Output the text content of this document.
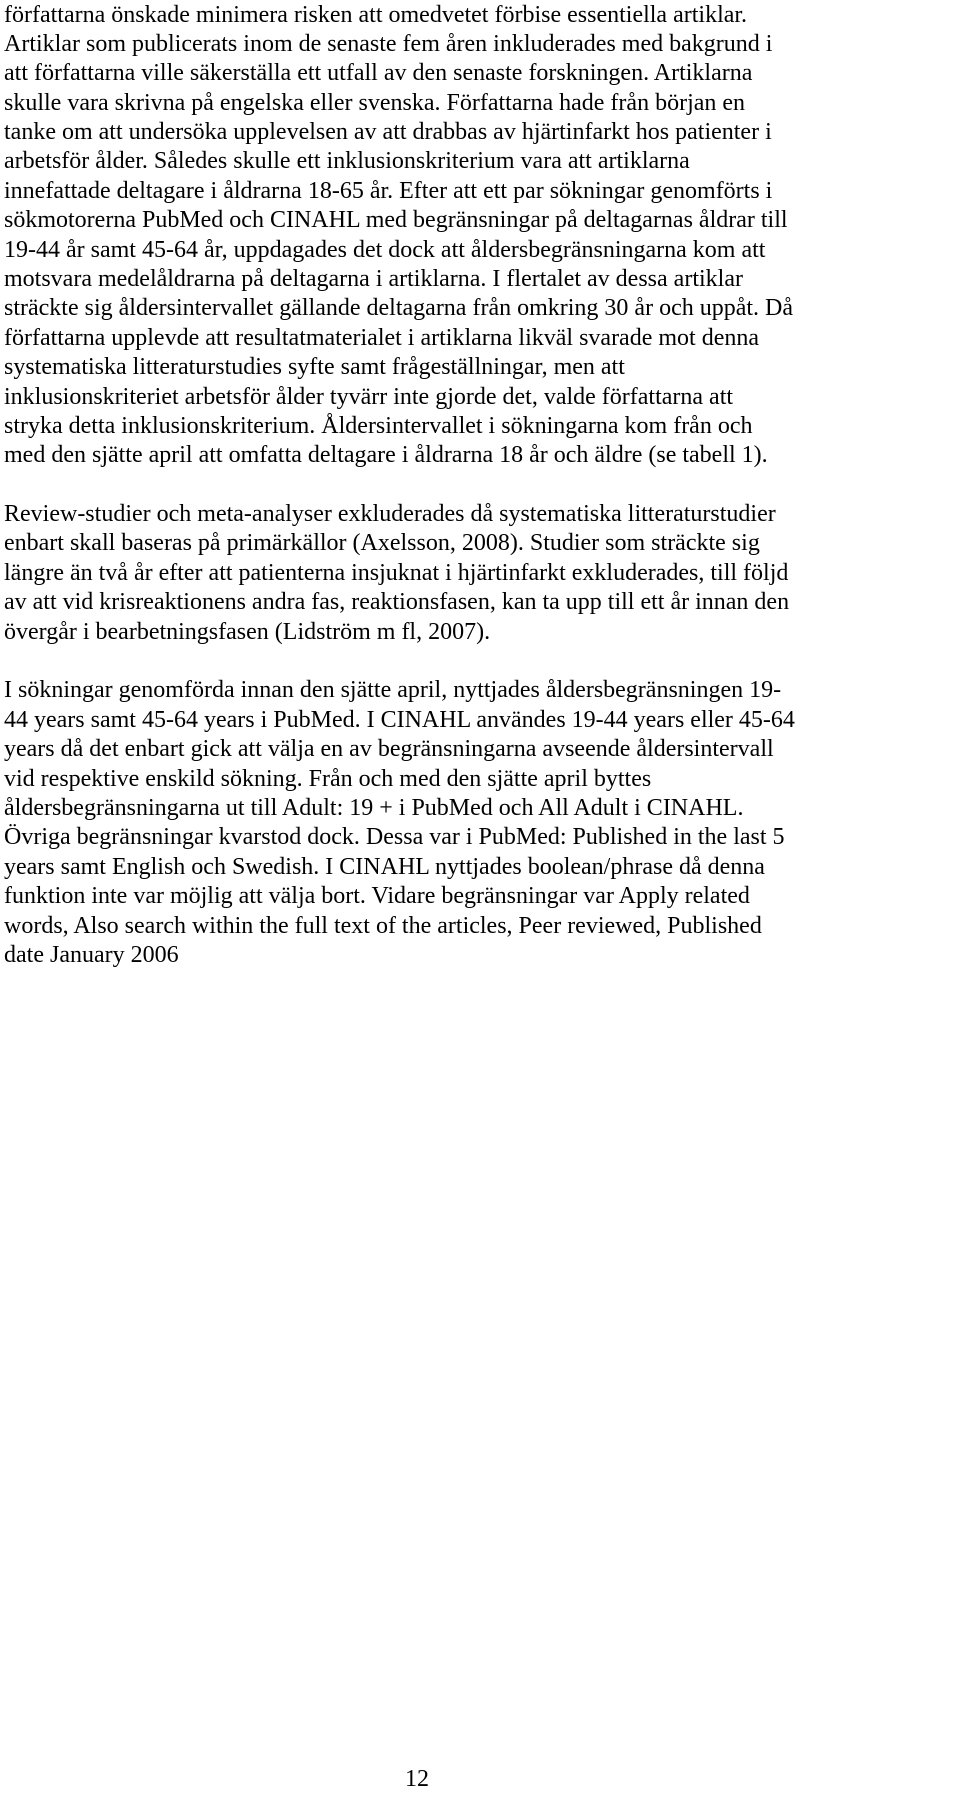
författarna önskade minimera risken att omedvetet förbise essentiella artiklar.

Artiklar som publicerats inom de senaste fem åren inkluderades med bakgrund i

att författarna ville säkerställa ett utfall av den senaste forskningen. Artiklarna

skulle vara skrivna på engelska eller svenska. Författarna hade från början en

tanke om att undersöka upplevelsen av att drabbas av hjärtinfarkt hos patienter i

arbetsför ålder. Således skulle ett inklusionskriterium vara att artiklarna

innefattade deltagare i åldrarna 18-65 år. Efter att ett par sökningar genomförts i

sökmotorerna PubMed och CINAHL med begränsningar på deltagarnas åldrar till

19-44 år samt 45-64 år, uppdagades det dock att åldersbegränsningarna kom att

motsvara medelåldrarna på deltagarna i artiklarna. I flertalet av dessa artiklar

sträckte sig åldersintervallet gällande deltagarna från omkring 30 år och uppåt. Då

författarna upplevde att resultatmaterialet i artiklarna likväl svarade mot denna

systematiska litteraturstudies syfte samt frågeställningar, men att

inklusionskriteriet arbetsför ålder tyvärr inte gjorde det, valde författarna att

stryka detta inklusionskriterium. Åldersintervallet i sökningarna kom från och

med den sjätte april att omfatta deltagare i åldrarna 18 år och äldre (se tabell 1).

Review-studier och meta-analyser exkluderades då systematiska litteraturstudier

enbart skall baseras på primärkällor (Axelsson, 2008). Studier som sträckte sig

längre än två år efter att patienterna insjuknat i hjärtinfarkt exkluderades, till följd

av att vid krisreaktionens andra fas, reaktionsfasen, kan ta upp till ett år innan den

övergår i bearbetningsfasen (Lidström m fl, 2007).

I sökningar genomförda innan den sjätte april, nyttjades åldersbegränsningen 19-

44 years samt 45-64 years i PubMed. I CINAHL användes 19-44 years eller 45-64

years då det enbart gick att välja en av begränsningarna avseende åldersintervall

vid respektive enskild sökning. Från och med den sjätte april byttes

åldersbegränsningarna ut till Adult: 19 + i PubMed och All Adult i CINAHL.

Övriga begränsningar kvarstod dock. Dessa var i PubMed: Published in the last 5

years samt English och Swedish. I CINAHL nyttjades boolean/phrase då denna

funktion inte var möjlig att välja bort. Vidare begränsningar var Apply related

words, Also search within the full text of the articles, Peer reviewed, Published

date January 2006

12
